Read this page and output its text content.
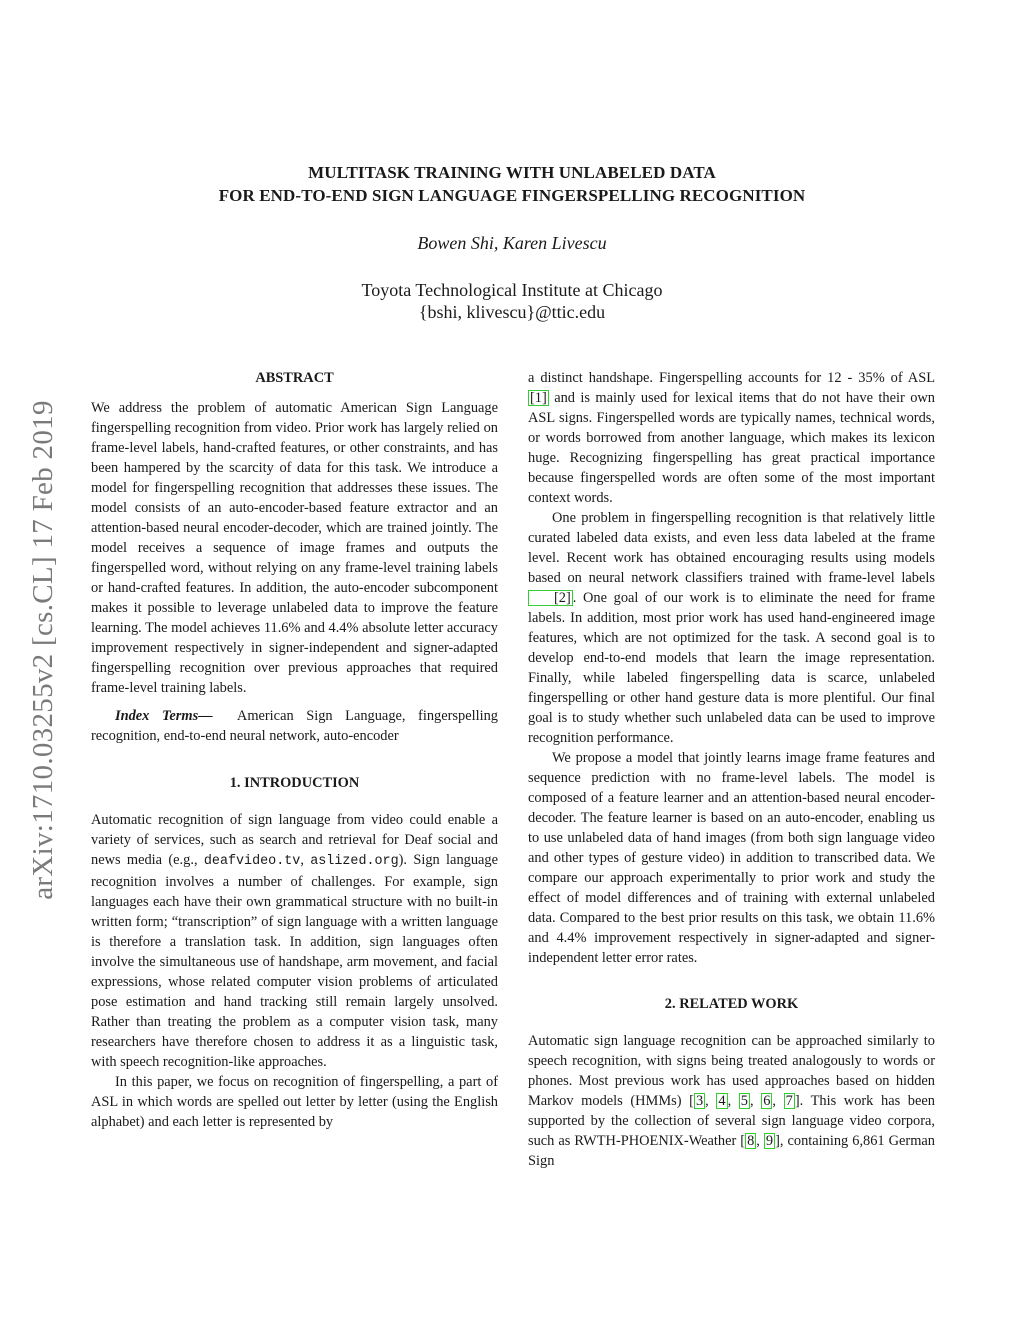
MULTITASK TRAINING WITH UNLABELED DATA
FOR END-TO-END SIGN LANGUAGE FINGERSPELLING RECOGNITION
Bowen Shi, Karen Livescu
Toyota Technological Institute at Chicago
{bshi, klivescu}@ttic.edu
arXiv:1710.03255v2 [cs.CL] 17 Feb 2019
ABSTRACT

We address the problem of automatic American Sign Language fingerspelling recognition from video. Prior work has largely relied on frame-level labels, hand-crafted features, or other constraints, and has been hampered by the scarcity of data for this task. We introduce a model for fingerspelling recognition that addresses these issues. The model consists of an auto-encoder-based feature extractor and an attention-based neural encoder-decoder, which are trained jointly. The model receives a sequence of image frames and outputs the fingerspelled word, without relying on any frame-level training labels or hand-crafted features. In addition, the auto-encoder subcomponent makes it possible to leverage unlabeled data to improve the feature learning. The model achieves 11.6% and 4.4% absolute letter accuracy improvement respectively in signer-independent and signer-adapted fingerspelling recognition over previous approaches that required frame-level training labels.

Index Terms— American Sign Language, fingerspelling recognition, end-to-end neural network, auto-encoder

1. INTRODUCTION

Automatic recognition of sign language from video could enable a variety of services, such as search and retrieval for Deaf social and news media (e.g., deafvideo.tv, aslized.org). Sign language recognition involves a number of challenges. For example, sign languages each have their own grammatical structure with no built-in written form; “transcription” of sign language with a written language is therefore a translation task. In addition, sign languages often involve the simultaneous use of handshape, arm movement, and facial expressions, whose related computer vision problems of articulated pose estimation and hand tracking still remain largely unsolved. Rather than treating the problem as a computer vision task, many researchers have therefore chosen to address it as a linguistic task, with speech recognition-like approaches.

In this paper, we focus on recognition of fingerspelling, a part of ASL in which words are spelled out letter by letter (using the English alphabet) and each letter is represented by

a distinct handshape. Fingerspelling accounts for 12 - 35% of ASL [1] and is mainly used for lexical items that do not have their own ASL signs. Fingerspelled words are typically names, technical words, or words borrowed from another language, which makes its lexicon huge. Recognizing fingerspelling has great practical importance because fingerspelled words are often some of the most important context words.

One problem in fingerspelling recognition is that relatively little curated labeled data exists, and even less data labeled at the frame level. Recent work has obtained encouraging results using models based on neural network classifiers trained with frame-level labels [2] . One goal of our work is to eliminate the need for frame labels. In addition, most prior work has used hand-engineered image features, which are not optimized for the task. A second goal is to develop end-to-end models that learn the image representation. Finally, while labeled fingerspelling data is scarce, unlabeled fingerspelling or other hand gesture data is more plentiful. Our final goal is to study whether such unlabeled data can be used to improve recognition performance.

We propose a model that jointly learns image frame features and sequence prediction with no frame-level labels. The model is composed of a feature learner and an attention-based neural encoder-decoder. The feature learner is based on an auto-encoder, enabling us to use unlabeled data of hand images (from both sign language video and other types of gesture video) in addition to transcribed data. We compare our approach experimentally to prior work and study the effect of model differences and of training with external unlabeled data. Compared to the best prior results on this task, we obtain 11.6% and 4.4% improvement respectively in signer-adapted and signer-independent letter error rates.

2. RELATED WORK

Automatic sign language recognition can be approached similarly to speech recognition, with signs being treated analogously to words or phones. Most previous work has used approaches based on hidden Markov models (HMMs) [ 3 , 4 , 5 , 6 , 7 ]. This work has been supported by the collection of several sign language video corpora, such as RWTH-PHOENIX-Weather [ 8 , 9 ], containing 6,861 German Sign
